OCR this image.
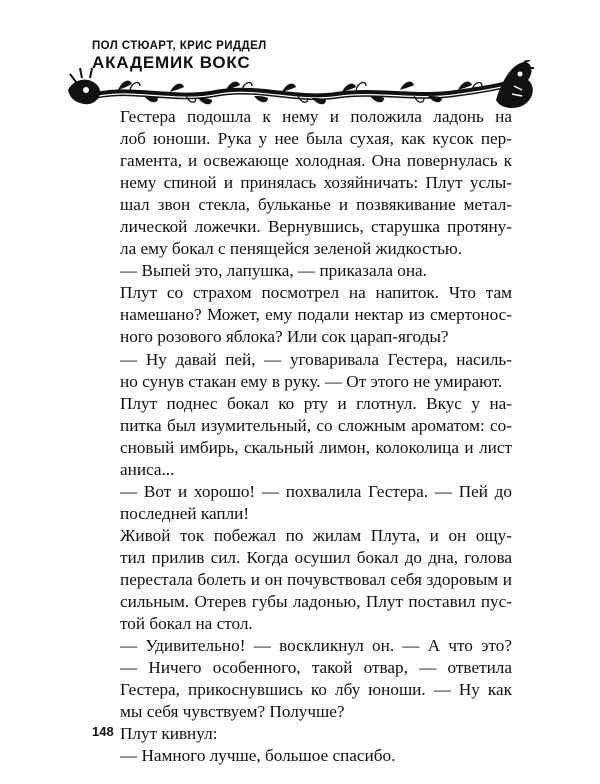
ПОЛ СТЮАРТ, КРИС РИДДЕЛ
АКАДЕМИК ВОКС
Гестера подошла к нему и положила ладонь на
лоб юноши. Рука у нее была сухая, как кусок пер-
гамента, и освежающе холодная. Она повернулась к
нему спиной и принялась хозяйничать: Плут услы-
шал звон стекла, бульканье и позвякивание метал-
лической ложечки. Вернувшись, старушка протяну-
ла ему бокал с пенящейся зеленой жидкостью.
— Выпей это, лапушка, — приказала она.
Плут со страхом посмотрел на напиток. Что там
намешано? Может, ему подали нектар из смертонос-
ного розового яблока? Или сок царап-ягоды?
— Ну давай пей, — уговаривала Гестера, насиль-
но сунув стакан ему в руку. — От этого не умирают.
Плут поднес бокал ко рту и глотнул. Вкус у на-
питка был изумительный, со сложным ароматом: со-
сновый имбирь, скальный лимон, колоколица и лист
аниса...
— Вот и хорошо! — похвалила Гестера. — Пей до
последней капли!
Живой ток побежал по жилам Плута, и он ощу-
тил прилив сил. Когда осушил бокал до дна, голова
перестала болеть и он почувствовал себя здоровым и
сильным. Отерев губы ладонью, Плут поставил пус-
той бокал на стол.
— Удивительно! — воскликнул он. — А что это?
— Ничего особенного, такой отвар, — ответила
Гестера, прикоснувшись ко лбу юноши. — Ну как
мы себя чувствуем? Получше?
Плут кивнул:
— Намного лучше, большое спасибо.
148
